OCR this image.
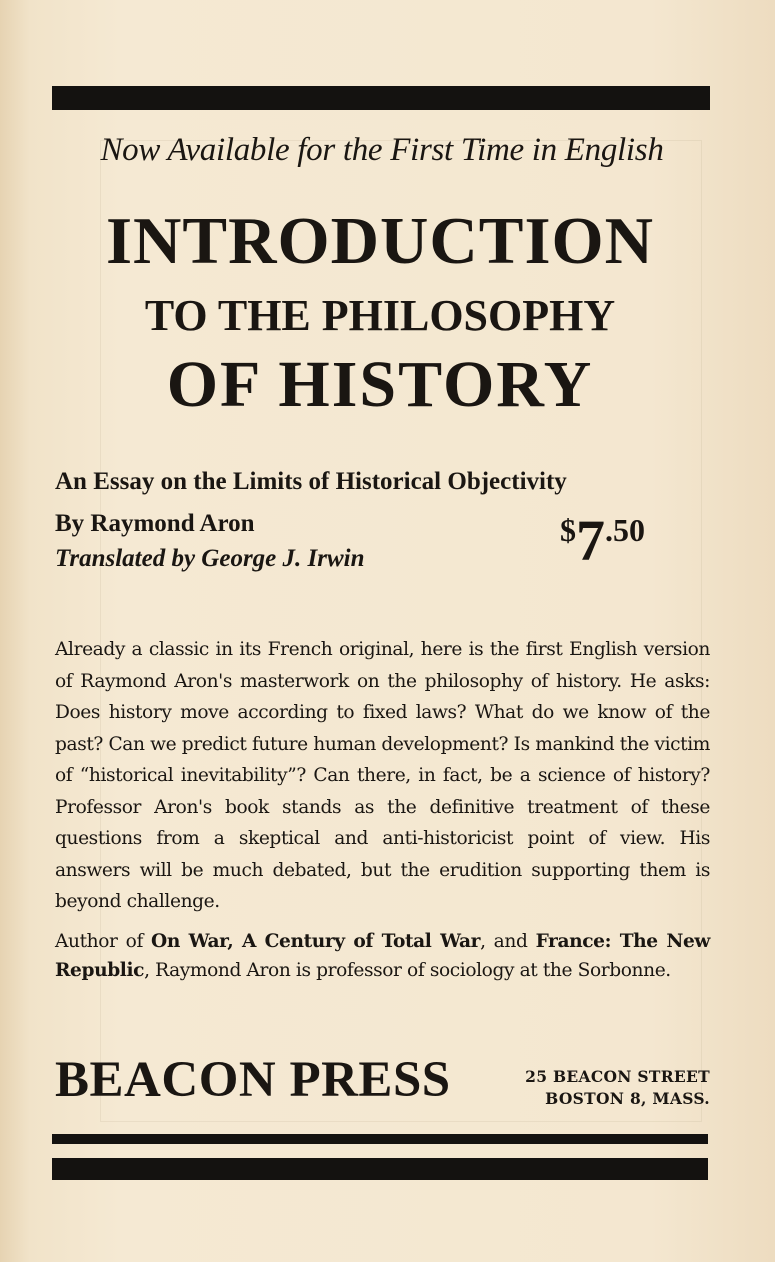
Now Available for the First Time in English
INTRODUCTION
TO THE PHILOSOPHY
OF HISTORY
An Essay on the Limits of Historical Objectivity
By Raymond Aron
Translated by George J. Irwin
$^{\$}7^{.50}$
Already a classic in its French original, here is the first English version of Raymond Aron's masterwork on the philosophy of history. He asks: Does history move according to fixed laws? What do we know of the past? Can we predict future human development? Is mankind the victim of “historical inevitability”? Can there, in fact, be a science of history? Professor Aron's book stands as the definitive treatment of these questions from a skeptical and anti-historicist point of view. His answers will be much debated, but the erudition supporting them is beyond challenge.
Author of On War, A Century of Total War, and France: The New Republic, Raymond Aron is professor of sociology at the Sorbonne.
BEACON PRESS	25 BEACON STREET
BOSTON 8, MASS.
